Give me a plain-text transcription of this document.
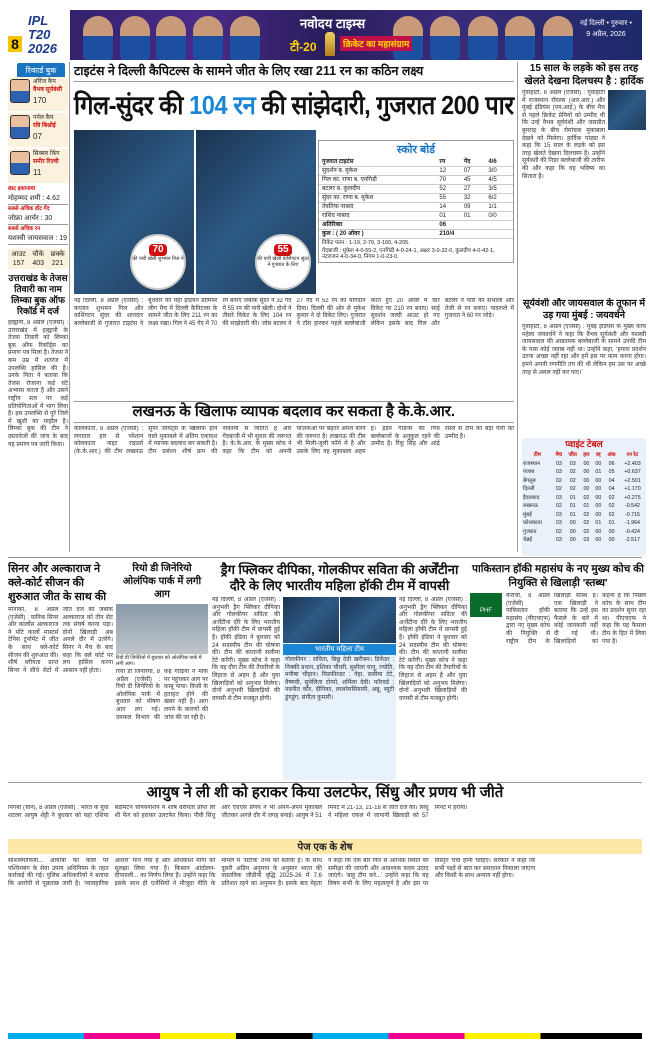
8
IPL T20 2026
नवोदय टाइम्स
टी-20	क्रिकेट का महासंग्राम
नई दिल्ली • गुरुवार •
9 अप्रैल, 2026
रिकार्ड बुक
ऑरेंज कैप
वैभव सूर्यवंशी
170
पर्पल कैप
रवि बिश्नोई
07
सिक्सर किंग
समीर रिज़्वी
11
बेस्ट इकोनॉमी
मोहम्मद शमी : 4.62
सबसे अधिक डॉट गेंद
जोफ्रा आर्चर : 30
सबसे अधिक रन
यशस्वी जायसवाल : 19
आउट
157
चौके
403
छक्के
221
उत्तराखंड के तेजस तिवारी का नाम लिम्का बुक ऑफ रिकॉर्ड में दर्ज
हल्द्वानी, 8 अप्रैल (एजेंसी) : उत्तराखंड में हल्द्वानी के तेजस तिवारी को लिम्का बुक ऑफ रिकॉर्ड्स का प्रमाण पत्र मिला है। तेजस ने कम उम्र में शतरंज में उपलब्धि हासिल की है। उनके पिता ने बताया कि तेजस रोजाना कई घंटे अभ्यास करता है और उसने राष्ट्रीय स्तर पर कई प्रतियोगिताओं में भाग लिया है। इस उपलब्धि से पूरे जिले में खुशी का माहौल है। लिम्का बुक की टीम ने दस्तावेजों की जांच के बाद यह प्रमाण पत्र जारी किया।
टाइटंस ने दिल्ली कैपिटल्स के सामने जीत के लिए रखा 211 रन का कठिन लक्ष्य
गिल-सुंदर की 104 रन की सांझेदारी, गुजरात 200 पार
70
की पारी खेली शुभमन गिल ने
55
की पारी खेली वाशिंगटन सुंदर ने गुजरात के लिए
स्कोर बोर्ड
गुजरात टाइटंस	रन	गेंद	4/6
सुदर्शन ब. मुकेश	12	07	3/0
गिल का. राणा ब. एनगिडी	70	45	4/5
बटलर ब. कुलदीप	52	27	3/5
सुंदर का. राणा ब. मुकेश	55	32	6/2
तेवतिया नाबाद	14	09	1/1
राशिद नाबाद	01	01	0/0
अतिरिक्त	06		
कुल : ( 20 ओवर )	210/4		
विकेट पतन : 1-19, 2-79, 3-160, 4-205.
गेंदबाजी : मुकेश 4-0-55-2, एनगिडी 4-0-24-1, अक्षर 3-0-32-0, कुलदीप 4-0-42-1, नटराजन 4-0-34-0, निगम 1-0-23-0.
नई दिल्ली, 8 अप्रैल (एजेंसी) : कप्तान शुभमन गिल और वाशिंगटन सुंदर की शानदार बल्लेबाजी से गुजरात टाइटंस ने बुधवार को यहां इंडियन प्रीमियर लीग मैच में दिल्ली कैपिटल्स के सामने जीत के लिए 211 रन का लक्ष्य रखा। गिल ने 45 गेंद में 70 रन बनाए जबकि सुंदर ने 32 गेंद में 55 रन की पारी खेली। दोनों ने तीसरे विकेट के लिए 104 रन की साझेदारी की। जोस बटलर ने 27 गेंद में 52 रन का योगदान दिया। दिल्ली की ओर से मुकेश कुमार ने दो विकेट लिए। गुजरात ने टॉस हारकर पहले बल्लेबाजी करते हुए 20 ओवर में चार विकेट पर 210 रन बनाए। साई सुदर्शन जल्दी आउट हो गए लेकिन इसके बाद गिल और बटलर ने पारी को संभाला और तेजी से रन बनाए। पावरप्ले में गुजरात ने 60 रन जोड़े।
लखनऊ के खिलाफ व्यापक बदलाव कर सकता है के.के.आर.
कोलकाता, 8 अप्रैल (एजेंसी) : लगातार हार से परेशान कोलकाता नाइट राइडर्स (के.के.आर.) की टीम लखनऊ सुपर जायंट्स के खिलाफ होने वाले मुकाबले में अंतिम एकादश में व्यापक बदलाव कर सकती है। टीम प्रबंधन शीर्ष क्रम की नाकामी से चिंतित है और गेंदबाजी में भी सुधार की जरूरत है। के.के.आर. के मुख्य कोच ने कहा कि टीम को अपनी योजनाओं पर बेहतर अमल करने की जरूरत है। लखनऊ की टीम भी मिली-जुली फॉर्म में है और उसके लिए यह मुकाबला अहम है। ईडन गार्डन्स की पिच बल्लेबाजों के अनुकूल रहने की उम्मीद है। रिंकू सिंह और आंद्रे रसेल से टीम को बड़ी पारी की उम्मीद है।
15 साल के लड़के को इस तरह खेलते देखना दिलचस्प है : हार्दिक
गुवाहाटी, 8 अप्रैल (एजेंसी) : गुवाहाटी में राजस्थान रॉयल्स (आर.आर.) और मुंबई इंडियंस (एम.आई.) के बीच मैच से पहले क्रिकेट प्रेमियों को उम्मीद थी कि उन्हें वैभव सूर्यवंशी और जसप्रीत बुमराह के बीच रोमांचक मुकाबला देखने को मिलेगा। हार्दिक पांड्या ने कहा कि 15 साल के लड़के को इस तरह खेलते देखना दिलचस्प है। उन्होंने सूर्यवंशी की निडर बल्लेबाजी की तारीफ की और कहा कि वह भविष्य का सितारा है।
सूर्यवंशी और जायसवाल के तूफान में उड़ गया मुंबई : जयवर्धने
गुवाहाटी, 8 अप्रैल (एजेंसी) : मुंबई इंडियंस के मुख्य कोच महेला जयवर्धने ने कहा कि वैभव सूर्यवंशी और यशस्वी जायसवाल की आक्रामक बल्लेबाजी के सामने उनकी टीम के पास कोई जवाब नहीं था। उन्होंने कहा, ‘हमारा प्रदर्शन उतना अच्छा नहीं रहा और हमें इस पर काम करना होगा। हमने अपनी रणनीति तय की थी लेकिन हम उस पर अच्छे तरह से अमल नहीं कर पाए।’
प्वाइंट टेबल
टीम	मैच	जीत	हार	रद्द	अंक	रन रेट
राजस्थान	03	03	00	00	06	+2.403
पंजाब	03	02	00	01	05	+0.637
बेंगलुरु	02	02	00	00	04	+2.501
दिल्ली	02	02	00	00	04	+1.170
हैदराबाद	03	01	02	00	02	+0.275
लखनऊ	02	01	01	00	02	-0.542
मुंबई	03	01	02	00	02	-0.715
कोलकाता	03	00	02	01	01	-1.964
गुजरात	02	00	02	00	00	-0.424
चेन्नई	03	00	03	00	00	-2.517
सिनर और अल्काराज ने क्ले-कोर्ट सीजन की शुरुआत जीत के साथ की
मोनाको, 8 अप्रैल (एजेंसी) : यानिक सिनर और कार्लोस अल्काराज ने मोंटे कार्लो मास्टर्स टेनिस टूर्नामेंट में जीत के साथ क्ले-कोर्ट सीजन की शुरुआत की। शीर्ष वरीयता प्राप्त सिनर ने सीधे सेटों में जीत दर्ज की जबकि अल्काराज को तीन सेट तक संघर्ष करना पड़ा। दोनों खिलाड़ी अब अगले दौर में उतरेंगे। सिनर ने मैच के बाद कहा कि क्ले कोर्ट पर लय हासिल करना आसान नहीं होता।
रियो डी जिनेरियो ओलंपिक पार्क में लगी आग
रियो डी जिनेरियो में बुधवार को ओलंपिक पार्क में लगी आग।
रियो डी जिनेरियो, 8 अप्रैल (एजेंसी) : रियो डी जिनेरियो के ओलंपिक पार्क में बुधवार को भीषण आग लग गई। दमकल विभाग की कई गाड़ियों ने मौके पर पहुंचकर आग पर काबू पाया। किसी के हताहत होने की खबर नहीं है। आग लगने के कारणों की जांच की जा रही है।
ड्रैग फ्लिकर दीपिका, गोलकीपर सविता की अर्जेंटीना दौरे के लिए भारतीय महिला हॉकी टीम में वापसी
नई दिल्ली, 8 अप्रैल (एजेंसी) : अनुभवी ड्रैग फ्लिकर दीपिका और गोलकीपर सविता की अर्जेंटीना दौरे के लिए भारतीय महिला हॉकी टीम में वापसी हुई है। हॉकी इंडिया ने बुधवार को 24 सदस्यीय टीम की घोषणा की। टीम की कप्तानी सलीमा टेटे करेंगी। मुख्य कोच ने कहा कि यह दौरा टीम की तैयारियों के लिहाज से अहम है और युवा खिलाड़ियों को अनुभव मिलेगा। दोनों अनुभवी खिलाड़ियों की वापसी से टीम मजबूत होगी।
भारतीय महिला टीम
गोलकीपर : सविता, बिछू देवी खरीबम। डिफेंडर : निक्की प्रधान, इशिका चौधरी, सुशीला चानू, ज्योति, मनीषा चौहान। मिडफील्डर : नेहा, सलीमा टेटे, वैष्णवी, सुनेलिता टोप्पो, शर्मिला देवी। फॉरवर्ड : नवनीत कौर, दीपिका, लालरेमसियामी, अन्नू, ब्यूटी डुंगडुंग, संगीता कुमारी।
नई दिल्ली, 8 अप्रैल (एजेंसी) : अनुभवी ड्रैग फ्लिकर दीपिका और गोलकीपर सविता की अर्जेंटीना दौरे के लिए भारतीय महिला हॉकी टीम में वापसी हुई है। हॉकी इंडिया ने बुधवार को 24 सदस्यीय टीम की घोषणा की। टीम की कप्तानी सलीमा टेटे करेंगी। मुख्य कोच ने कहा कि यह दौरा टीम की तैयारियों के लिहाज से अहम है और युवा खिलाड़ियों को अनुभव मिलेगा। दोनों अनुभवी खिलाड़ियों की वापसी से टीम मजबूत होगी।
पाकिस्तान हॉकी महासंघ के नए मुख्य कोच की नियुक्ति से खिलाड़ी 'स्तब्ध'
PHF
कराची, 8 अप्रैल (एजेंसी) : पाकिस्तान हॉकी महासंघ (पीएचएफ) द्वारा नए मुख्य कोच की नियुक्ति से राष्ट्रीय टीम के खिलाड़ी स्तब्ध हैं। एक खिलाड़ी ने बताया कि उन्हें इस फैसले के बारे में कोई जानकारी नहीं दी गई थी। खिलाड़ियों का कहना है कि पिछले कोच के साथ टीम का प्रदर्शन सुधर रहा था। पीएचएफ ने कहा कि यह फैसला टीम के हित में लिया गया है।
आयुष ने ली शी को हराकर किया उलटफेर, सिंधु और प्रणय भी जीते
निंगबो (चीन), 8 अप्रैल (एजेंसी) : भारत के युवा शटलर आयुष शेट्टी ने बुधवार को यहां एशिया बैडमिंटन चैंपियनशिप में शीर्ष वरीयता प्राप्त ली शी फेंग को हराकर उलटफेर किया। पीवी सिंधु और एचएस प्रणय ने भी अपने-अपने मुकाबले जीतकर अगले दौर में जगह बनाई। आयुष ने 51 मिनट में 21-13, 21-18 से जीत दर्ज की। सिंधु ने महिला एकल में जापानी खिलाड़ी को 57 मिनट में हराया।
पेज एक के शेष
सोशलमाफिया... आयात्री की कोल पर पश्चिमबंग के सेवा उपाय अधिनियम के तहत कार्रवाई की गई। पुलिस अधिकारियों ने बताया कि आरोपी से पूछताछ जारी है। ‘व्यावहारिक आधार’ मान गया है और अधिकांश मांगों को सुलझा लिया गया है। किसान आंदोलन-दीपावली... का निर्णय लिया है। उन्होंने कहा कि इसके साथ ही एजेंसियों ने मौजूदा नीति के मामले में ‘सटीक’ तथ्य को बताया है। के साथ दूसरी अग्रिम अनुमान के अनुसार भारत की वास्तविक जीडीपी वृद्धि 2025-26 में 7.6 प्रतिशत रहने का अनुमान है। इसके बाद मेहता ने कहा कि एक बार फिर से आर्थिक स्थिति की समीक्षा की जाएगी और आवश्यक कदम उठाए जाएंगे। ‘बाहु टीम करे...’ उन्होंने कहा कि यह विषय सभी के लिए महत्वपूर्ण है और इस पर विस्तृत चर्चा होनी चाहिए। सरकार ने कहा कि सभी पक्षों से बात कर समाधान निकाला जाएगा और किसी के साथ अन्याय नहीं होगा।
